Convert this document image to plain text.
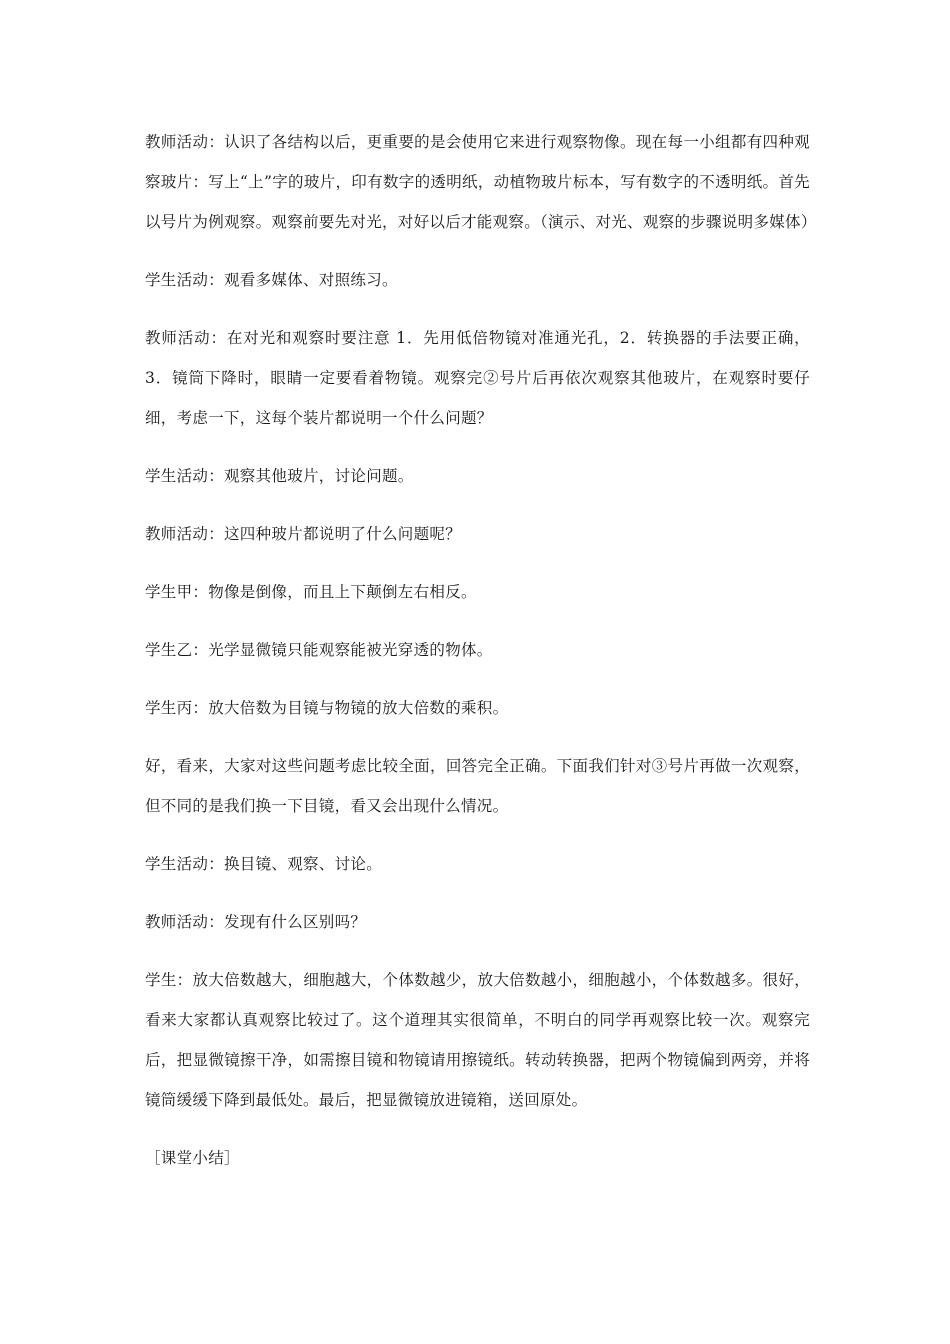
教师活动：认识了各结构以后，更重要的是会使用它来进行观察物像。现在每一小组都有四种观察玻片：写上“上”字的玻片，印有数字的透明纸，动植物玻片标本，写有数字的不透明纸。首先以号片为例观察。观察前要先对光，对好以后才能观察。（演示、对光、观察的步骤说明多媒体）

学生活动：观看多媒体、对照练习。

教师活动：在对光和观察时要注意 1．先用低倍物镜对准通光孔，2．转换器的手法要正确，3．镜筒下降时，眼睛一定要看着物镜。观察完②号片后再依次观察其他玻片，在观察时要仔细，考虑一下，这每个装片都说明一个什么问题？

学生活动：观察其他玻片，讨论问题。

教师活动：这四种玻片都说明了什么问题呢？

学生甲：物像是倒像，而且上下颠倒左右相反。

学生乙：光学显微镜只能观察能被光穿透的物体。

学生丙：放大倍数为目镜与物镜的放大倍数的乘积。

好，看来，大家对这些问题考虑比较全面，回答完全正确。下面我们针对③号片再做一次观察，但不同的是我们换一下目镜，看又会出现什么情况。

学生活动：换目镜、观察、讨论。

教师活动：发现有什么区别吗？

学生：放大倍数越大，细胞越大，个体数越少，放大倍数越小，细胞越小，个体数越多。很好，看来大家都认真观察比较过了。这个道理其实很简单，不明白的同学再观察比较一次。观察完后，把显微镜擦干净，如需擦目镜和物镜请用擦镜纸。转动转换器，把两个物镜偏到两旁，并将镜筒缓缓下降到最低处。最后，把显微镜放进镜箱，送回原处。

［课堂小结］
